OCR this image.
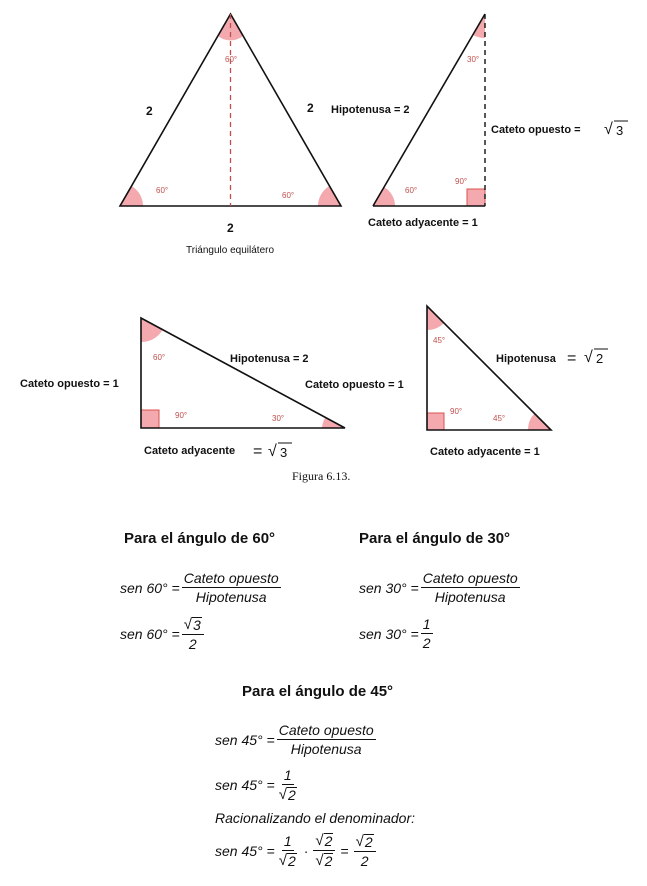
60°
60°
60°
2	2
2
Triángulo equilátero
30°
60°
90°
Hipotenusa = 2
Cateto opuesto = √ 3
Cateto adyacente = 1
60°
90°	30°
Hipotenusa = 2
Cateto opuesto = 1
Cateto adyacente = √ 3
45°
90°
45°
Hipotenusa = √ 2
Cateto opuesto = 1
Cateto adyacente = 1
Figura 6.13.
Para el ángulo de 60°
sen $60^\circ = \frac{\text{Cateto opuesto}}{\text{Hipotenusa}}$
sen $60^\circ = \frac{√ 3}{2}$
Para el ángulo de 30°
sen $30^\circ = \frac{\text{Cateto opuesto}}{\text{Hipotenusa}}$
sen $30^\circ = \frac{1}{2}$
Para el ángulo de 45°
sen $45^\circ = \frac{\text{Cateto opuesto}}{\text{Hipotenusa}}$
sen $45^\circ = \frac{1}{√ 2}$
Racionalizando el denominador:
sen $45^\circ = \frac{1}{√ 2} \cdot \frac{√ 2}{√ 2} = \frac{√ 2}{2}$
